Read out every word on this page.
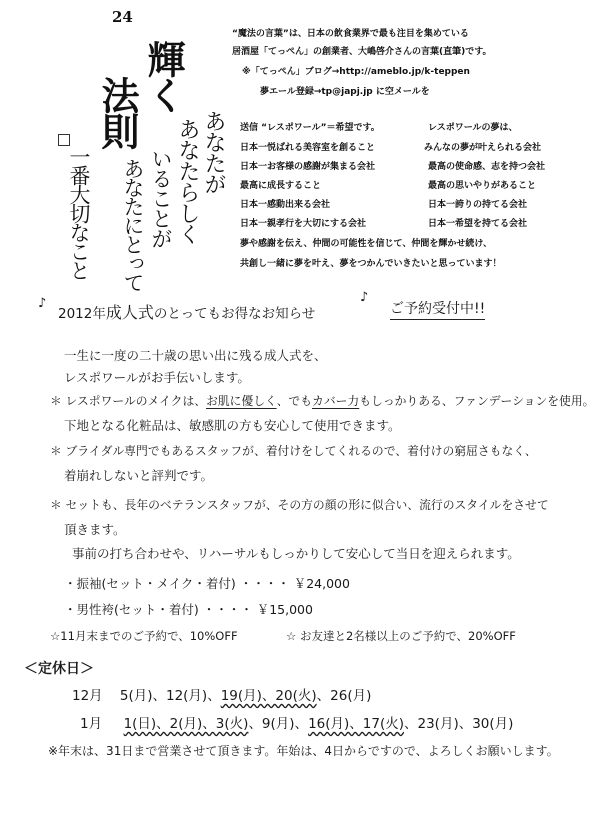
24
輝く
法則	あなたが
あなたらしく
いることが
あなたにとって
一番大切なこと
“魔法の言葉”は、日本の飲食業界で最も注目を集めている
居酒屋「てっぺん」の創業者、大嶋啓介さんの言葉(直筆)です。
※「てっぺん」ブログ→http://ameblo.jp/k-teppen
夢エール登録→tp@japj.jp に空メールを
送信 “レスポワール”＝希望です。	レスポワールの夢は、
日本一悦ばれる美容室を創ること	みんなの夢が叶えられる会社
日本一お客様の感謝が集まる会社	最高の使命感、志を持つ会社
最高に成長すること	最高の思いやりがあること
日本一感動出来る会社	日本一誇りの持てる会社
日本一親孝行を大切にする会社	日本一希望を持てる会社
夢や感謝を伝え、仲間の可能性を信じて、仲間を輝かせ続け、
共創し一緒に夢を叶え、夢をつかんでいきたいと思っています！
♪
2012年成人式のとってもお得なお知らせ
♪
ご予約受付中!!
一生に一度の二十歳の思い出に残る成人式を、
レスポワールがお手伝いします。
＊ レスポワールのメイクは、お肌に優しく、でもカバー力もしっかりある、ファンデーションを使用。
下地となる化粧品は、敏感肌の方も安心して使用できます。
＊ ブライダル専門でもあるスタッフが、着付けをしてくれるので、着付けの窮屈さもなく、
着崩れしないと評判です。
＊ セットも、長年のベテランスタッフが、その方の顔の形に似合い、流行のスタイルをさせて
頂きます。
事前の打ち合わせや、リハーサルもしっかりして安心して当日を迎えられます。
・振袖(セット・メイク・着付) ・・・・ ￥24,000
・男性袴(セット・着付) ・・・・ ￥15,000
☆11月末までのご予約で、10%OFF	☆ お友達と2名様以上のご予約で、20%OFF
＜定休日＞
12月 5(月)、12(月)、19(月)、20(火)、26(月)
1月 1(日)、2(月)、3(火)、9(月)、16(月)、17(火)、23(月)、30(月)
※年末は、31日まで営業させて頂きます。年始は、4日からですので、よろしくお願いします。
